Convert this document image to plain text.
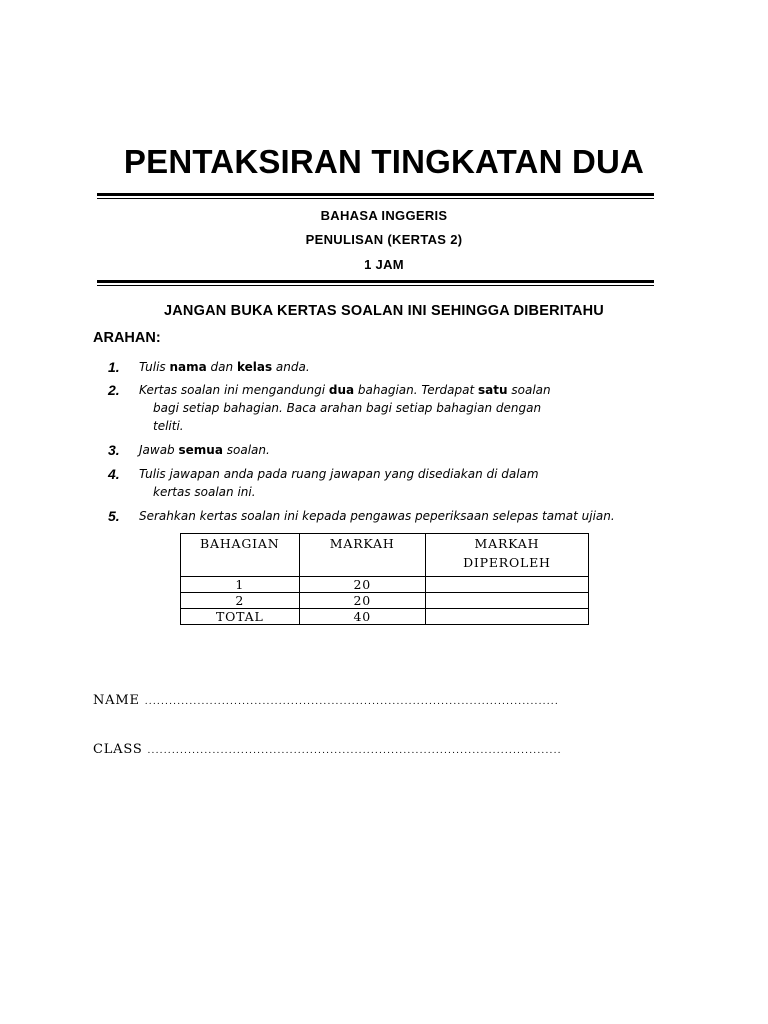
PENTAKSIRAN TINGKATAN DUA
BAHASA INGGERIS
PENULISAN (KERTAS 2)
1 JAM
JANGAN BUKA KERTAS SOALAN INI SEHINGGA DIBERITAHU
ARAHAN:
1. Tulis nama dan kelas anda.
2. Kertas soalan ini mengandungi dua bahagian. Terdapat satu soalan
bagi setiap bahagian. Baca arahan bagi setiap bahagian dengan
teliti.
3. Jawab semua soalan.
4. Tulis jawapan anda pada ruang jawapan yang disediakan di dalam
kertas soalan ini.
5. Serahkan kertas soalan ini kepada pengawas peperiksaan selepas tamat ujian.
BAHAGIAN	MARKAH	MARKAH
DIPEROLEH
1	20	
2	20	
TOTAL	40	
NAME ......................................................................................................
CLASS ......................................................................................................
